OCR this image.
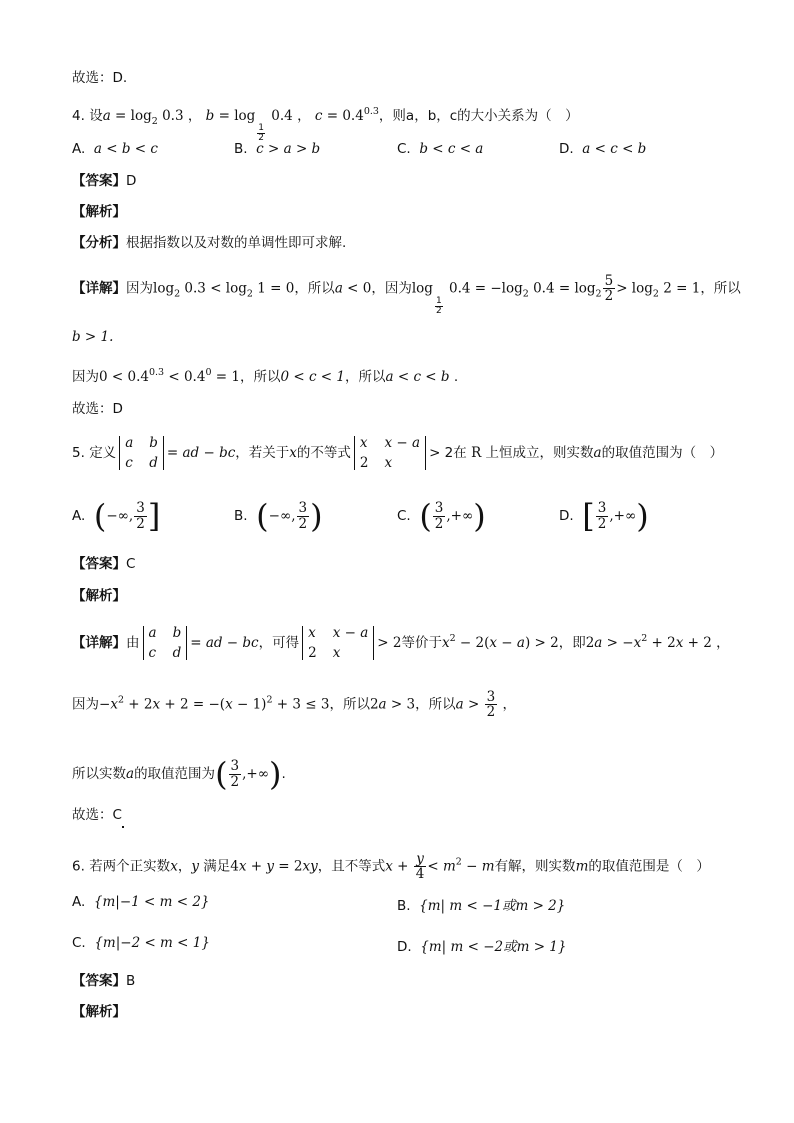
故选：D.
4. 设$a = \log_2 0.3$ ， b = log
$\frac{1}{2}$
0.4 ， $c = 0.4^{0.3}$，则a，b，c的大小关系为（　）
A. a < b < c	B. c > a > b	C. b < c < a	D. a < c < b
【答案】D
【解析】
【分析】根据指数以及对数的单调性即可求解.
【详解】因为$\log_2 0.3 < \log_2 1 = 0$，所以a < 0，因为log
$\frac{1}{2}$
$0.4 = -\log_2$ $0.4 = \log_2 \frac{5}{2} > \log_2 2 = 1$，所以
b > 1.
因为$0 < 0.4^{0.3} < 0.4^0 = 1$，所以0 < c < 1，所以a < c < b .
故选：D
5. 定义
a b
c d
= ad − bc，若关于x的不等式
x x − a
2 x
> 2在 R 上恒成立，则实数a的取值范围为（　）
A. ( −∞, $\frac{3}{2}$ ]	B. ( −∞, $\frac{3}{2}$ )	C. ( $\frac{3}{2}$ ,+∞ )	D. [ $\frac{3}{2}$ ,+∞ )
【答案】C
【解析】
【详解】由
a b
c d
= ad − bc，可得
x x − a
2 x
> 2等价于$x^2 - 2(x - a) > 2$，即$2a > -x^2 + 2x + 2$ ，
因为$-x^2 + 2x + 2 = -(x - 1)^2 + 3 \le 3$，所以2a > 3，所以$a > \frac{3}{2}$ ，
所以实数a的取值范围为 ( $\frac{3}{2}$ ,+∞ ) .
故选：C
6. 若两个正实数x，y 满足4x + y = 2xy，且不等式$x + \frac{y}{4} < m^2 - m$有解，则实数m的取值范围是（　）
A. {m|−1 < m < 2}	B. {m| m < −1或m > 2}
C. {m|−2 < m < 1}	D. {m| m < −2或m > 1}
【答案】B
【解析】
